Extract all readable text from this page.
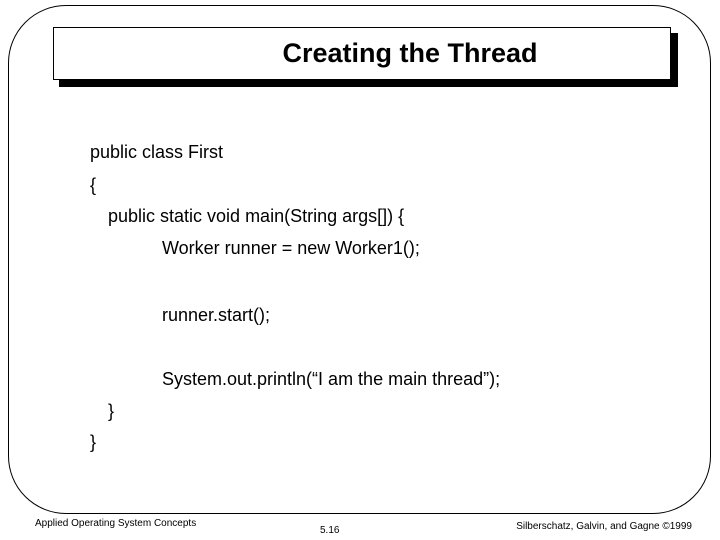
Creating the Thread
public class First
{
public static void main(String args[]) {
Worker runner = new Worker1();
runner.start();
System.out.println(“I am the main thread”);
}
}
Applied Operating System Concepts
5.16	Silberschatz, Galvin, and Gagne ©1999
